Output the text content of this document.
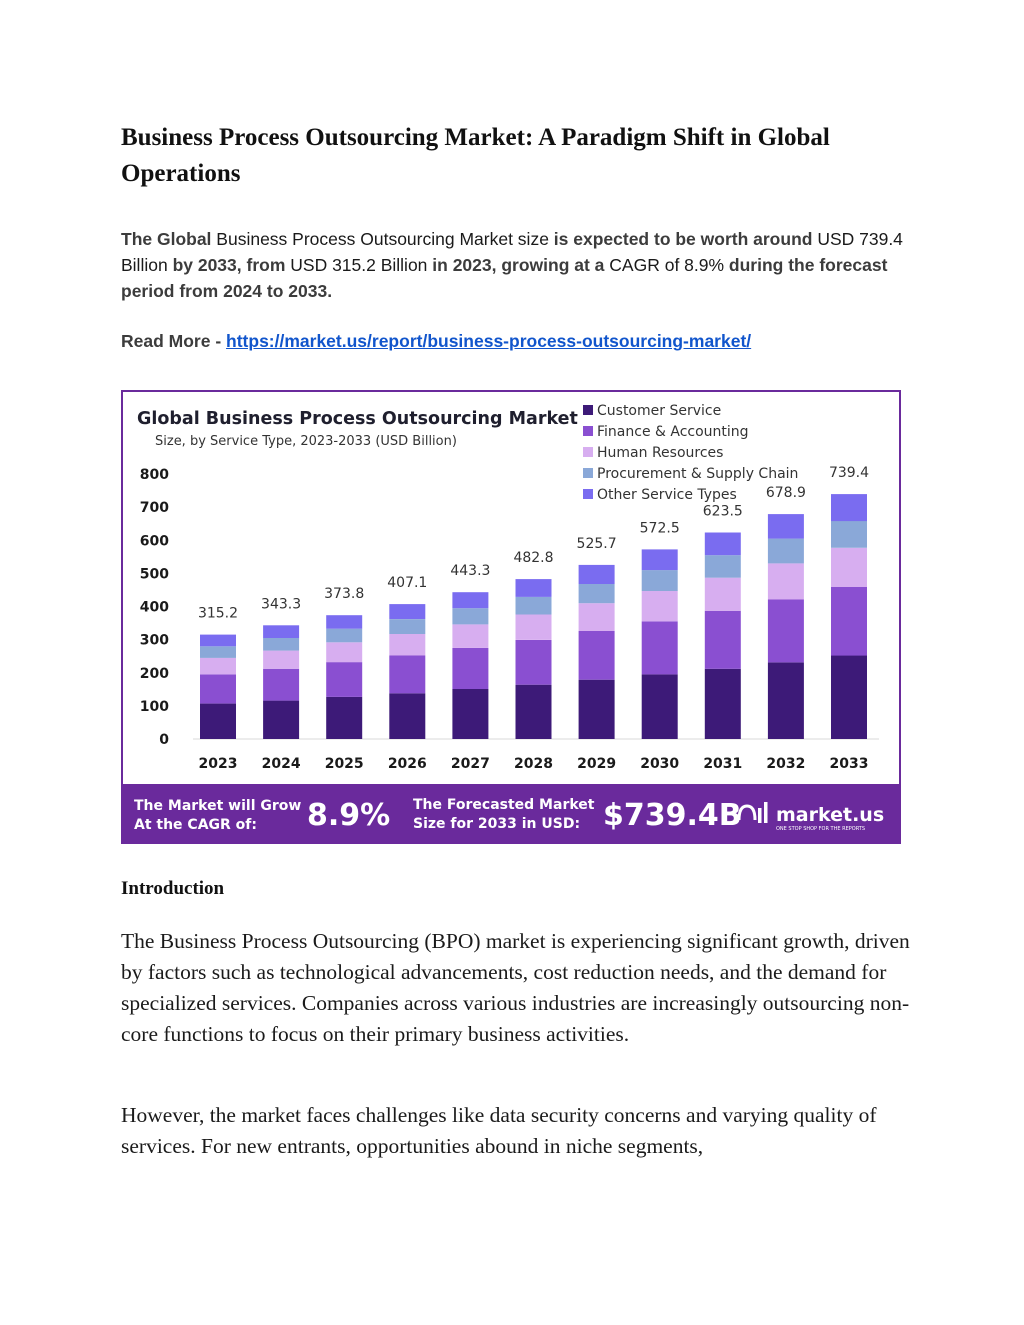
Business Process Outsourcing Market: A Paradigm Shift in Global Operations

The Global Business Process Outsourcing Market size is expected to be worth around USD 739.4 Billion by 2033, from USD 315.2 Billion in 2023, growing at a CAGR of 8.9% during the forecast period from 2024 to 2033.

Read More - https://market.us/report/business-process-outsourcing-market/

Global Business Process Outsourcing Market
Size, by Service Type, 2023-2033 (USD Billion)
Customer Service
Finance & Accounting
Human Resources
Procurement & Supply Chain
Other Service Types
800
700
600
500
400
300
200
100
0
2023 2024 2025 2026 2027 2028 2029 2030 2031 2032 2033
315.2
343.3
373.8
407.1
443.3
482.8
525.7
572.5
623.5
678.9
739.4
The Market will Grow At the CAGR of:	8.9% The Forecasted Market Size for 2033 in USD: $739.4B market.us
ONE STOP SHOP FOR THE REPORTS
Introduction

The Business Process Outsourcing (BPO) market is experiencing significant growth, driven by factors such as technological advancements, cost reduction needs, and the demand for specialized services. Companies across various industries are increasingly outsourcing non-core functions to focus on their primary business activities.

However, the market faces challenges like data security concerns and varying quality of services. For new entrants, opportunities abound in niche segments,
